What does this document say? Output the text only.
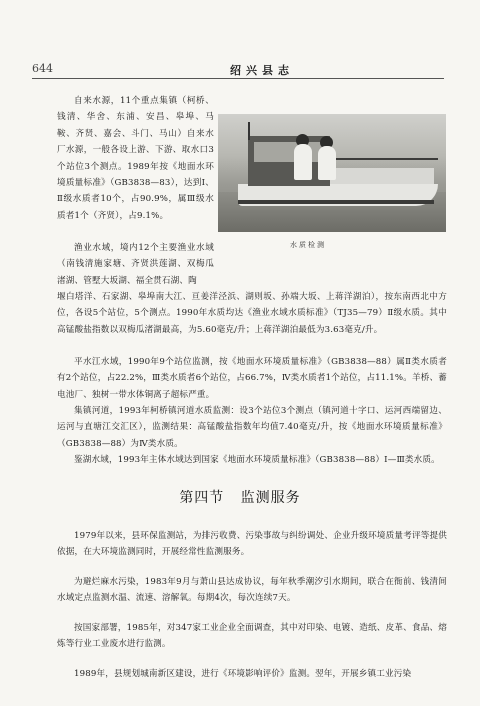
644	绍兴县志

自来水源，11个重点集镇（柯桥、钱清、华舍、东浦、安昌、皋埠、马鞍、齐贤、嘉会、斗门、马山）自来水厂水源，一般各设上游、下游、取水口3个站位3个测点。1989年按《地面水环境质量标准》（GB3838—83），达到Ⅰ、Ⅱ级水质者10个，占90.9%，属Ⅲ级水质者1个（齐贤），占9.1%。

渔业水域，境内12个主要渔业水域（南钱清施家塘、齐贤洪莲湖、双梅瓜渚湖、管墅大坂湖、福全贯石湖、陶

水质检测

堰白塔洋、石家湖、皋埠南大江、亘姜洋泾浜、湖则坂、孙端大坂、上蒋洋湖泊），按东南西北中方位，各设5个站位，5个测点。1990年水质均达《渔业水域水质标准》（TJ35—79）Ⅱ级水质。其中高锰酸盐指数以双梅瓜渚湖最高，为5.60毫克/升；上蒋洋湖泊最低为3.63毫克/升。

平水江水域，1990年9个站位监测，按《地面水环境质量标准》（GB3838—88）属Ⅱ类水质者有2个站位，占22.2%，Ⅲ类水质者6个站位，占66.7%，Ⅳ类水质者1个站位，占11.1%。羊桥、蓄电池厂、独树一带水体铜离子超标严重。

集镇河道，1993年柯桥镇河道水质监测：设3个站位3个测点（镇河道十字口、运河西端留边、运河与直塘江交汇区），监测结果：高锰酸盐指数年均值7.40毫克/升，按《地面水环境质量标准》（GB3838—88）为Ⅳ类水质。

鉴湖水域，1993年主体水域达到国家《地面水环境质量标准》（GB3838—88）Ⅰ—Ⅲ类水质。

第四节 监测服务

1979年以来，县环保监测站，为排污收费、污染事故与纠纷调处、企业升级环境质量考评等提供依据，在大环境监测同时，开展经常性监测服务。

为避烂麻水污染，1983年9月与萧山县达成协议，每年秋季潮汐引水期间，联合在衙前、钱清间水域定点监测水温、流速、溶解氧。每期4次，每次连续7天。

按国家部署，1985年，对347家工业企业全面调查，其中对印染、电镀、造纸、皮革、食品、熔炼等行业工业废水进行监测。

1989年，县规划城南新区建设，进行《环境影响评价》监测。翌年，开展乡镇工业污染
